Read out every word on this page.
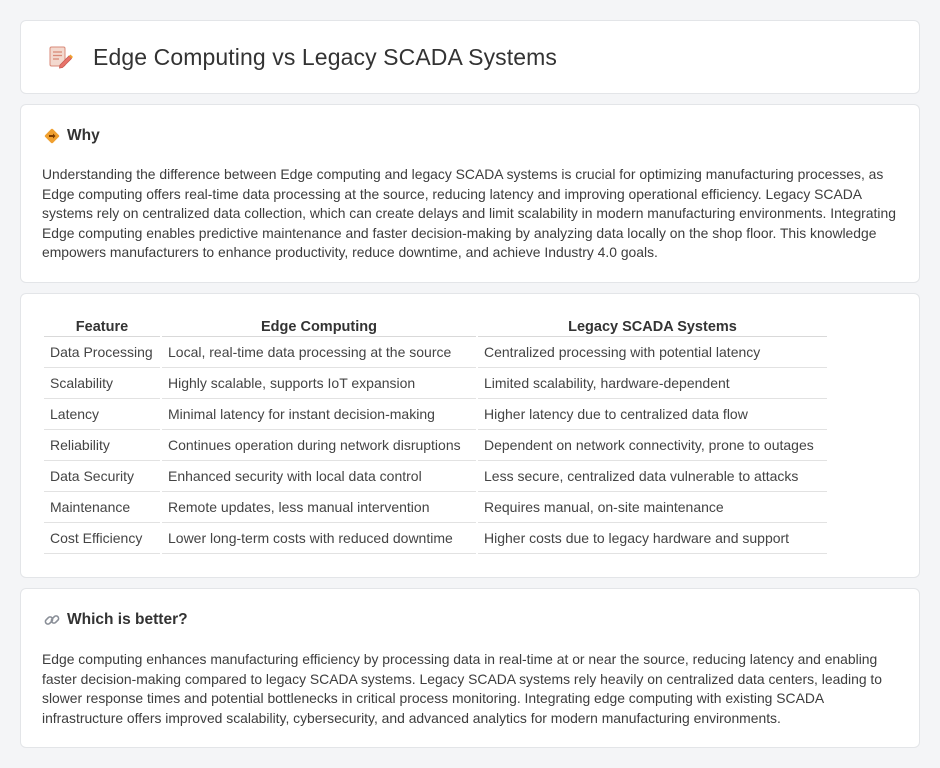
Edge Computing vs Legacy SCADA Systems
Why

Understanding the difference between Edge computing and legacy SCADA systems is crucial for optimizing manufacturing processes, as Edge computing offers real-time data processing at the source, reducing latency and improving operational efficiency. Legacy SCADA systems rely on centralized data collection, which can create delays and limit scalability in modern manufacturing environments. Integrating Edge computing enables predictive maintenance and faster decision-making by analyzing data locally on the shop floor. This knowledge empowers manufacturers to enhance productivity, reduce downtime, and achieve Industry 4.0 goals.

Feature	Edge Computing	Legacy SCADA Systems
Data Processing	Local, real-time data processing at the source	Centralized processing with potential latency
Scalability	Highly scalable, supports IoT expansion	Limited scalability, hardware-dependent
Latency	Minimal latency for instant decision-making	Higher latency due to centralized data flow
Reliability	Continues operation during network disruptions	Dependent on network connectivity, prone to outages
Data Security	Enhanced security with local data control	Less secure, centralized data vulnerable to attacks
Maintenance	Remote updates, less manual intervention	Requires manual, on-site maintenance
Cost Efficiency	Lower long-term costs with reduced downtime	Higher costs due to legacy hardware and support
Which is better?

Edge computing enhances manufacturing efficiency by processing data in real-time at or near the source, reducing latency and enabling faster decision-making compared to legacy SCADA systems. Legacy SCADA systems rely heavily on centralized data centers, leading to slower response times and potential bottlenecks in critical process monitoring. Integrating edge computing with existing SCADA infrastructure offers improved scalability, cybersecurity, and advanced analytics for modern manufacturing environments.
